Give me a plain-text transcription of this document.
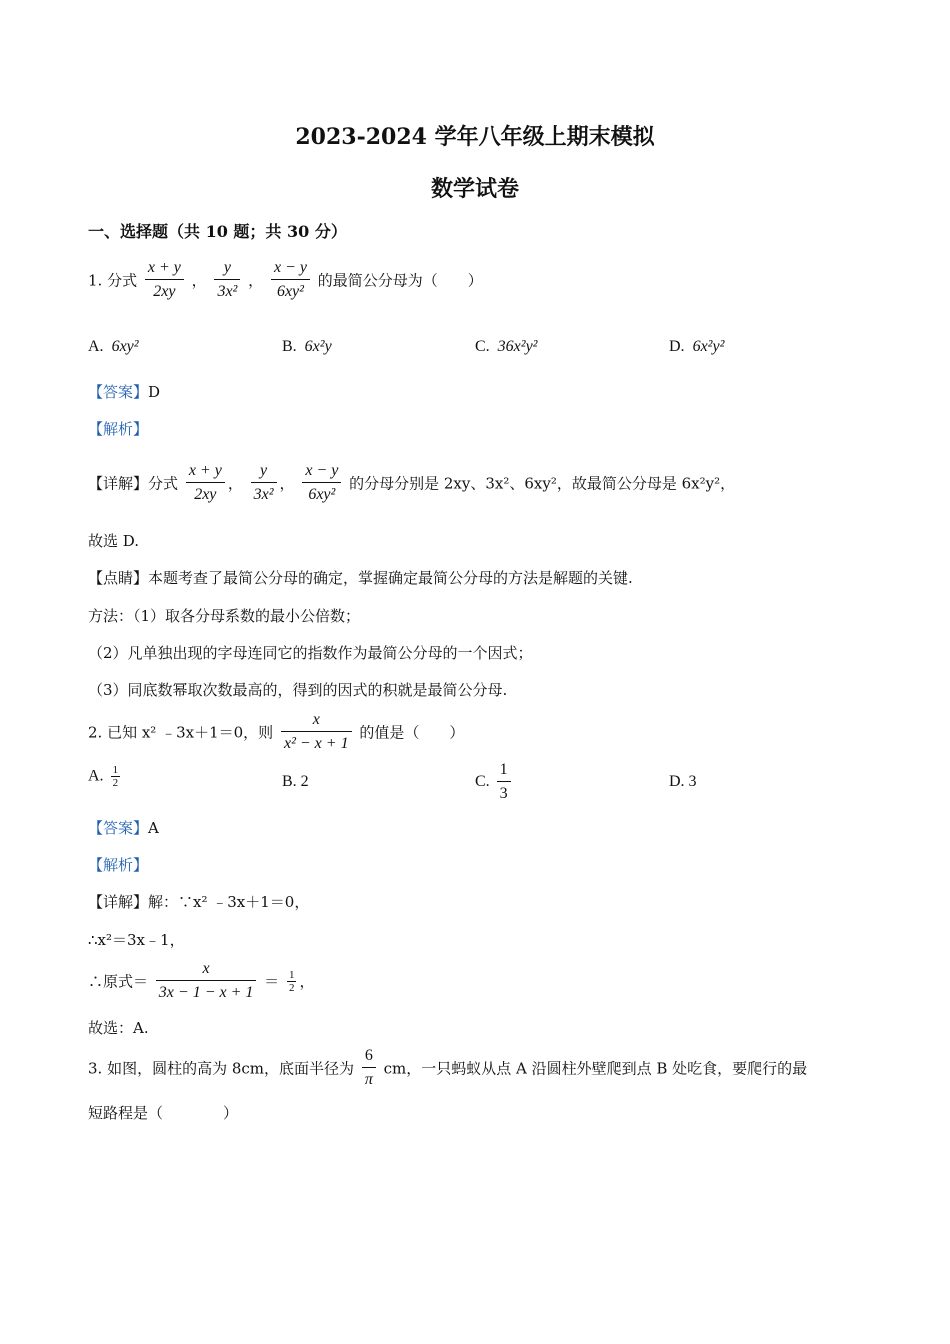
2023-2024 学年八年级上期末模拟
数学试卷
一、选择题（共 10 题；共 30 分）
1. 分式 $\frac{x + y}{2xy}$ ， $\frac{y}{\text{3x²}}$ ， $\frac{x - y}{\text{6xy²}}$ 的最简公分母为（　　）
A. 6xy²	B. 6x²y	C. 36x²y²	D. 6x²y²
【答案】D
【解析】
【详解】分式 $\frac{x + y}{2xy}$ ， $\frac{y}{\text{3x²}}$ ， $\frac{x - y}{\text{6xy²}}$ 的分母分别是 2xy、3x²、6xy²，故最简公分母是 6x²y²，
故选 D.
【点睛】本题考查了最简公分母的确定，掌握确定最简公分母的方法是解题的关键.
方法：（1）取各分母系数的最小公倍数；
（2）凡单独出现的字母连同它的指数作为最简公分母的一个因式；
（3）同底数幂取次数最高的，得到的因式的积就是最简公分母.
2. 已知 x² ﹣3x＋1＝0，则 $\frac{x}{\text{x² − x + 1}}$ 的值是（　　）
A. $\frac{1}{2}$	B. 2	C. $\frac{1}{3}$	D. 3
【答案】A
【解析】
【详解】解：∵x² ﹣3x＋1＝0，
∴x²＝3x﹣1，
∴原式＝ $\frac{x}{3x - 1 - x + 1} = \frac{1}{2}$ ，
故选：A.
3. 如图，圆柱的高为 8cm，底面半径为 $\frac{6}{\pi}$ cm，一只蚂蚁从点 A 沿圆柱外壁爬到点 B 处吃食，要爬行的最
短路程是（　　　　）
